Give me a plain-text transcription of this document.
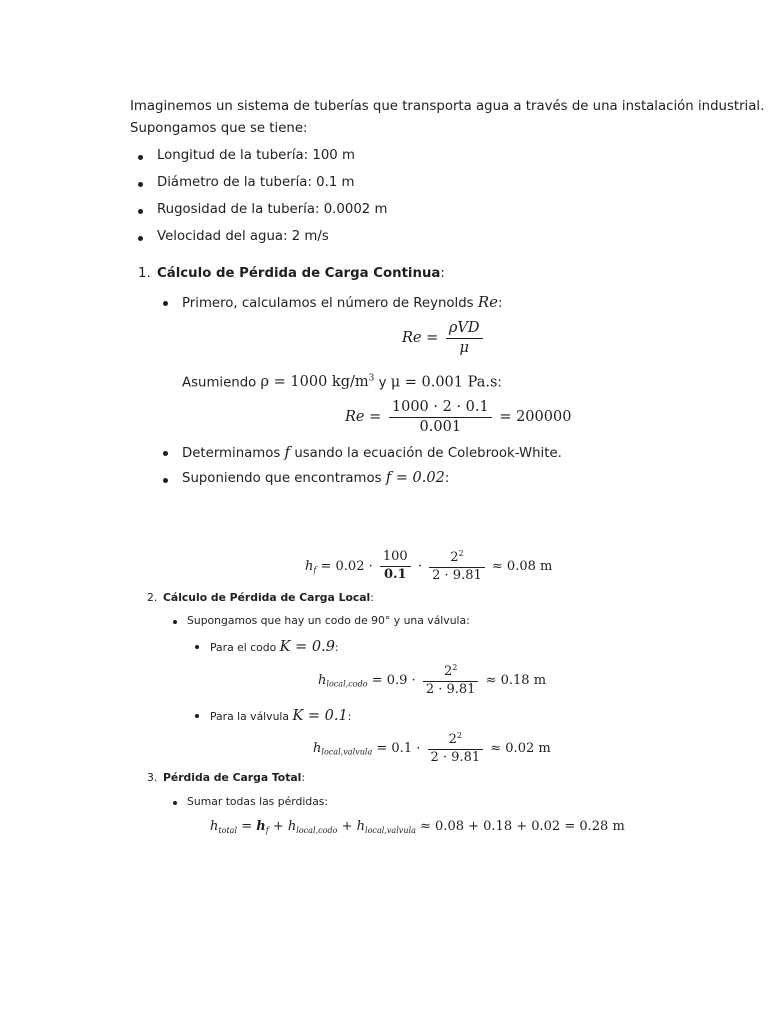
Imaginemos un sistema de tuberías que transporta agua a través de una instalación industrial.
Supongamos que se tiene:
Longitud de la tubería: 100 m
Diámetro de la tubería: 0.1 m
Rugosidad de la tubería: 0.0002 m
Velocidad del agua: 2 m/s
1. Cálculo de Pérdida de Carga Continua:
Primero, calculamos el número de Reynolds Re:
$Re = \frac{\text{ρVD}}{\mu}$
Asumiendo ρ = 1000 $kg/m^3$ y μ = 0.001 Pa.s:
$Re = \frac{1000 \cdot 2 \cdot 0.1}{0.001} = 200000$
Determinamos f usando la ecuación de Colebrook-White.
Suponiendo que encontramos f = 0.02:
$h_f = 0.02 \cdot \frac{100}{0.1} \cdot \frac{2^2}{2 \cdot 9.81} \approx 0.08$ m
2. Cálculo de Pérdida de Carga Local:
Supongamos que hay un codo de 90° y una válvula:
Para el codo K = 0.9:
$h_{local,codo} = 0.9 \cdot \frac{2^2}{2 \cdot 9.81} \approx 0.18$ m
Para la válvula K = 0.1:
$h_{local,valvula} = 0.1 \cdot \frac{2^2}{2 \cdot 9.81} \approx 0.02$ m
3. Pérdida de Carga Total:
Sumar todas las pérdidas:
$h_{total} = h_f + h_{local,codo} + h_{local,valvula} \approx 0.08 + 0.18 + 0.02 = 0.28$ m
